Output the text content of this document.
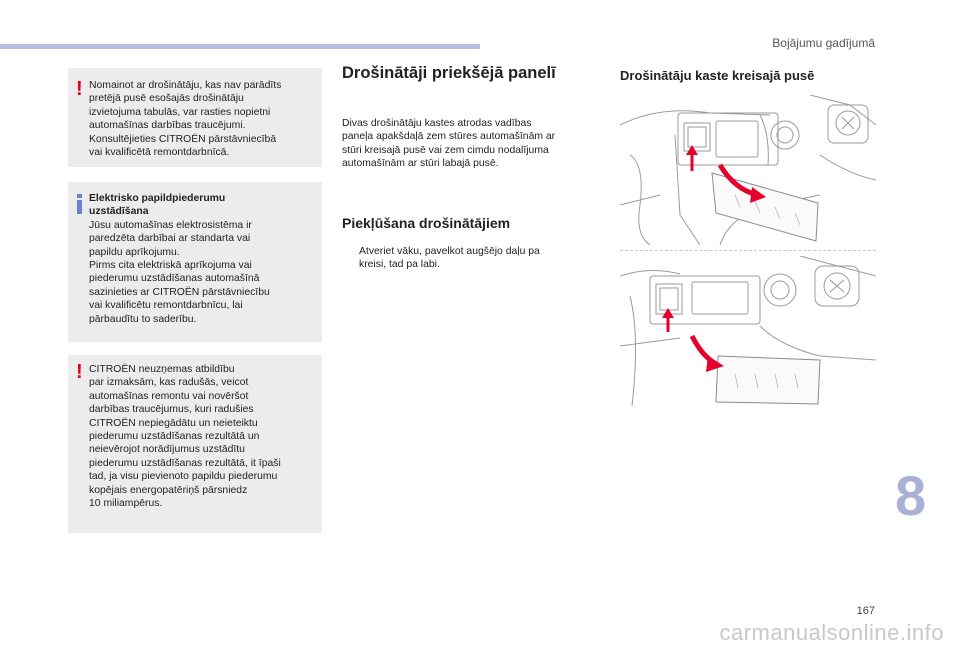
Bojājumu gadījumā
! Nomainot ar drošinātāju, kas nav parādīts
pretējā pusē esošajās drošinātāju
izvietojuma tabulās, var rasties nopietni
automašīnas darbības traucējumi.
Konsultējieties CITROËN pārstāvniecībā
vai kvalificētā remontdarbnīcā.
Elektrisko papildpiederumu
uzstādīšana
Jūsu automašīnas elektrosistēma ir
paredzēta darbībai ar standarta vai
papildu aprīkojumu.
Pirms cita elektriskā aprīkojuma vai
piederumu uzstādīšanas automašīnā
sazinieties ar CITROËN pārstāvniecību
vai kvalificētu remontdarbnīcu, lai
pārbaudītu to saderību.
! CITROËN neuzņemas atbildību
par izmaksām, kas radušās, veicot
automašīnas remontu vai novēršot
darbības traucējumus, kuri radušies
CITROËN nepiegādātu un neieteiktu
piederumu uzstādīšanas rezultātā un
neievērojot norādījumus uzstādītu
piederumu uzstādīšanas rezultātā, it īpaši
tad, ja visu pievienoto papildu piederumu
kopējais energopatēriņš pārsniedz
10 miliampērus.
Drošinātāji priekšējā panelī
Divas drošinātāju kastes atrodas vadības
paneļa apakšdaļā zem stūres automašīnām ar
stūri kreisajā pusē vai zem cimdu nodalījuma
automašīnām ar stūri labajā pusē.
Piekļūšana drošinātājiem
Atveriet vāku, pavelkot augšējo daļu pa
kreisi, tad pa labi.
Drošinātāju kaste kreisajā pusē
8
167
carmanualsonline.info
